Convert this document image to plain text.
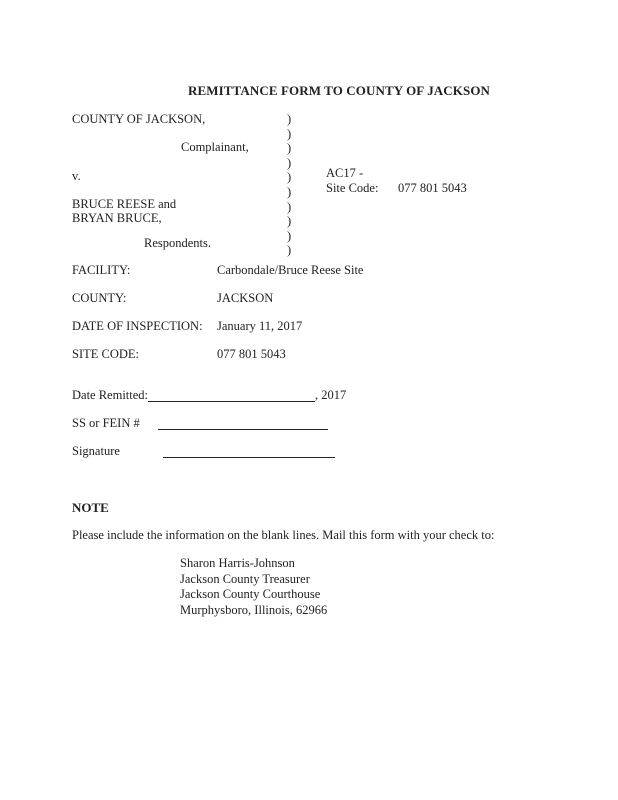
REMITTANCE FORM TO COUNTY OF JACKSON
COUNTY OF JACKSON,
Complainant,
v.
BRUCE REESE and
BRYAN BRUCE,
Respondents.
)
)
)
)
)
)
)
)
)
)
AC17 -
Site Code: 077 801 5043
FACILITY:	Carbondale/Bruce Reese Site
COUNTY:	JACKSON
DATE OF INSPECTION: January 11, 2017
SITE CODE:	077 801 5043
Date Remitted:	, 2017
SS or FEIN #
Signature
NOTE
Please include the information on the blank lines. Mail this form with your check to:
Sharon Harris-Johnson
Jackson County Treasurer
Jackson County Courthouse
Murphysboro, Illinois, 62966
